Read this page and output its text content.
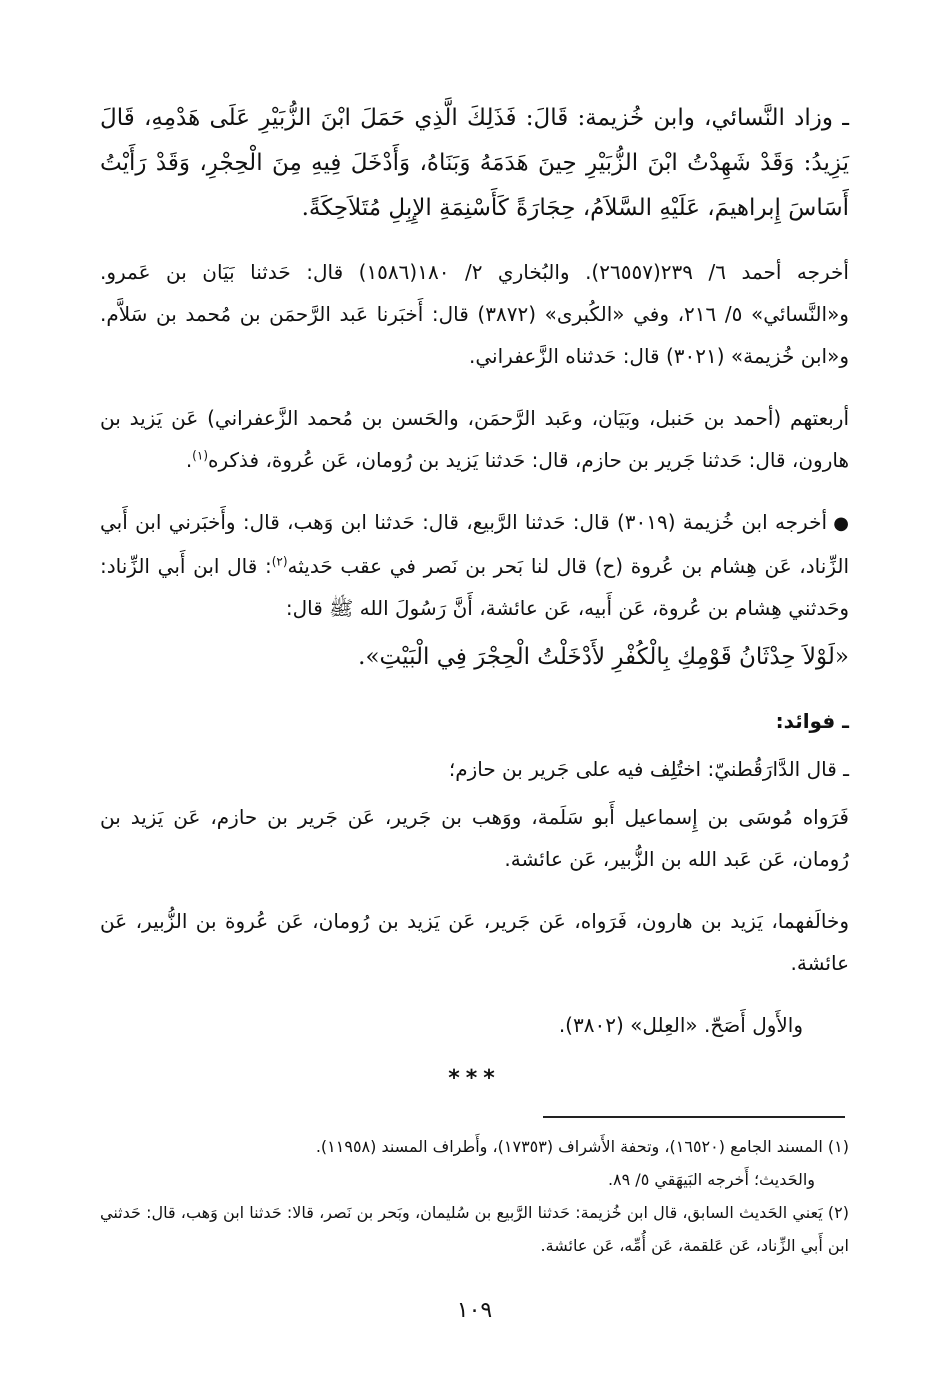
ـ وزاد النَّسائي، وابن خُزيمة: قَالَ: فَذَلِكَ الَّذِي حَمَلَ ابْنَ الزُّبَيْرِ عَلَى هَدْمِهِ، قَالَ يَزِيدُ: وَقَدْ شَهِدْتُ ابْنَ الزُّبَيْرِ حِينَ هَدَمَهُ وَبَنَاهُ، وَأَدْخَلَ فِيهِ مِنَ الْحِجْرِ، وَقَدْ رَأَيْتُ أَسَاسَ إِبراهيمَ، عَلَيْهِ السَّلاَمُ، حِجَارَةً كَأَسْنِمَةِ الإِبِلِ مُتَلاَحِكَةً.

أخرجه أحمد ٦/ ٢٣٩(٢٦٥٥٧). والبُخاري ٢/ ١٨٠(١٥٨٦) قال: حَدثنا بَيَان بن عَمرو. و«النَّسائي» ٥/ ٢١٦، وفي «الكُبرى» (٣٨٧٢) قال: أَخبَرنا عَبد الرَّحمَن بن مُحمد بن سَلاَّم. و«ابن خُزيمة» (٣٠٢١) قال: حَدثناه الزَّعفراني.

أربعتهم (أحمد بن حَنبل، وبَيَان، وعَبد الرَّحمَن، والحَسن بن مُحمد الزَّعفراني) عَن يَزيد بن هارون، قال: حَدثنا جَرير بن حازم، قال: حَدثنا يَزيد بن رُومان، عَن عُروة، فذكره$^{(١)}$.

●أخرجه ابن خُزيمة (٣٠١٩) قال: حَدثنا الرَّبيع، قال: حَدثنا ابن وَهب، قال: وأَخبَرني ابن أَبي الزِّناد، عَن هِشام بن عُروة (ح) قال لنا بَحر بن نَصر في عقب حَديثه$^{(٢)}$: قال ابن أَبي الزِّناد: وحَدثني هِشام بن عُروة، عَن أَبيه، عَن عائشة، أَنَّ رَسُولَ الله ﷺ قال:

«لَوْلاَ حِدْثَانُ قَوْمِكِ بِالْكُفْرِ لأَدْخَلْتُ الْحِجْرَ فِي الْبَيْتِ».

ـ فوائد:

ـ قال الدَّارَقُطنيّ: اختُلِف فيه على جَرير بن حازم؛

فَرَواه مُوسَى بن إِسماعيل أَبو سَلَمة، ووَهب بن جَرير، عَن جَرير بن حازم، عَن يَزيد بن رُومان، عَن عَبد الله بن الزُّبير، عَن عائشة.

وخالَفهما، يَزيد بن هارون، فَرَواه، عَن جَرير، عَن يَزيد بن رُومان، عَن عُروة بن الزُّبير، عَن عائشة.

والأَول أَصَحّ. «العِلل» (٣٨٠٢).

***

(١) المسند الجامع (١٦٥٢٠)، وتحفة الأَشراف (١٧٣٥٣)، وأَطراف المسند (١١٩٥٨).

والحَديث؛ أَخرجه البَيهَقي ٥/ ٨٩.

(٢) يَعني الحَديث السابق، قال ابن خُزيمة: حَدثنا الرَّبيع بن سُليمان، وبَحر بن نَصر، قالا: حَدثنا ابن وَهب، قال: حَدثني ابن أَبي الزِّناد، عَن عَلقمة، عَن أُمِّه، عَن عائشة.

١٠٩
